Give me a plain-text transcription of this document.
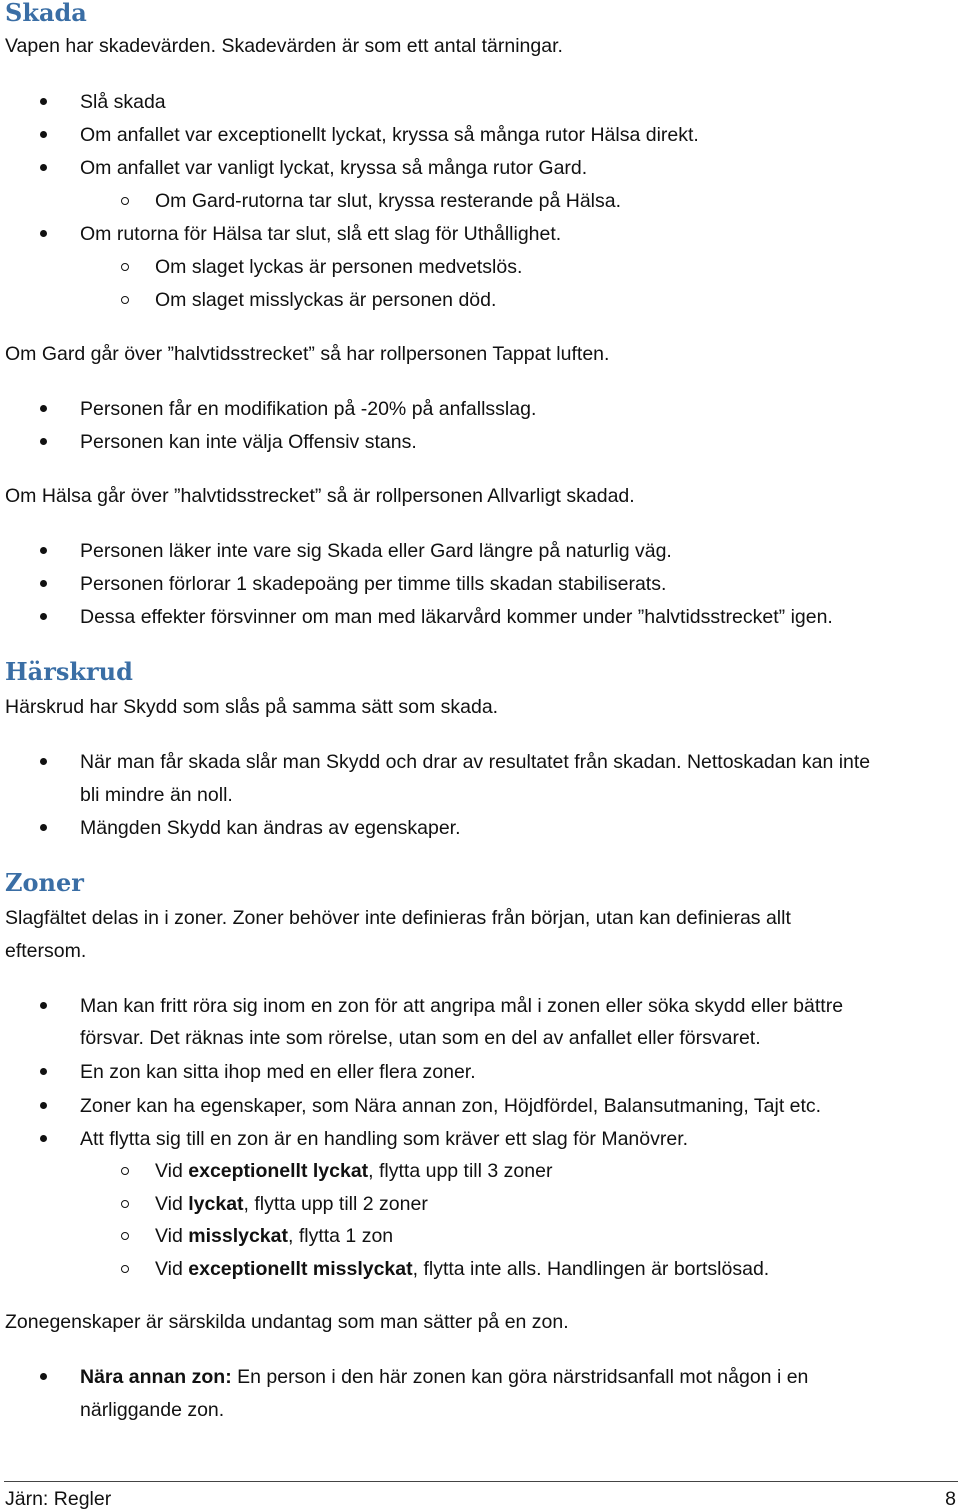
Skada

Vapen har skadevärden. Skadevärden är som ett antal tärningar.

Slå skada

Om anfallet var exceptionellt lyckat, kryssa så många rutor Hälsa direkt.

Om anfallet var vanligt lyckat, kryssa så många rutor Gard.

Om Gard-rutorna tar slut, kryssa resterande på Hälsa.

Om rutorna för Hälsa tar slut, slå ett slag för Uthållighet.

Om slaget lyckas är personen medvetslös.

Om slaget misslyckas är personen död.

Om Gard går över ”halvtidsstrecket” så har rollpersonen Tappat luften.

Personen får en modifikation på -20% på anfallsslag.

Personen kan inte välja Offensiv stans.

Om Hälsa går över ”halvtidsstrecket” så är rollpersonen Allvarligt skadad.

Personen läker inte vare sig Skada eller Gard längre på naturlig väg.

Personen förlorar 1 skadepoäng per timme tills skadan stabiliserats.

Dessa effekter försvinner om man med läkarvård kommer under ”halvtidsstrecket” igen.

Härskrud

Härskrud har Skydd som slås på samma sätt som skada.

När man får skada slår man Skydd och drar av resultatet från skadan. Nettoskadan kan inte

bli mindre än noll.

Mängden Skydd kan ändras av egenskaper.

Zoner

Slagfältet delas in i zoner. Zoner behöver inte definieras från början, utan kan definieras allt

eftersom.

Man kan fritt röra sig inom en zon för att angripa mål i zonen eller söka skydd eller bättre

försvar. Det räknas inte som rörelse, utan som en del av anfallet eller försvaret.

En zon kan sitta ihop med en eller flera zoner.

Zoner kan ha egenskaper, som Nära annan zon, Höjdfördel, Balansutmaning, Tajt etc.

Att flytta sig till en zon är en handling som kräver ett slag för Manövrer.

Vid exceptionellt lyckat, flytta upp till 3 zoner

Vid lyckat, flytta upp till 2 zoner

Vid misslyckat, flytta 1 zon

Vid exceptionellt misslyckat, flytta inte alls. Handlingen är bortslösad.

Zonegenskaper är särskilda undantag som man sätter på en zon.

Nära annan zon: En person i den här zonen kan göra närstridsanfall mot någon i en

närliggande zon.

Järn: Regler	8
